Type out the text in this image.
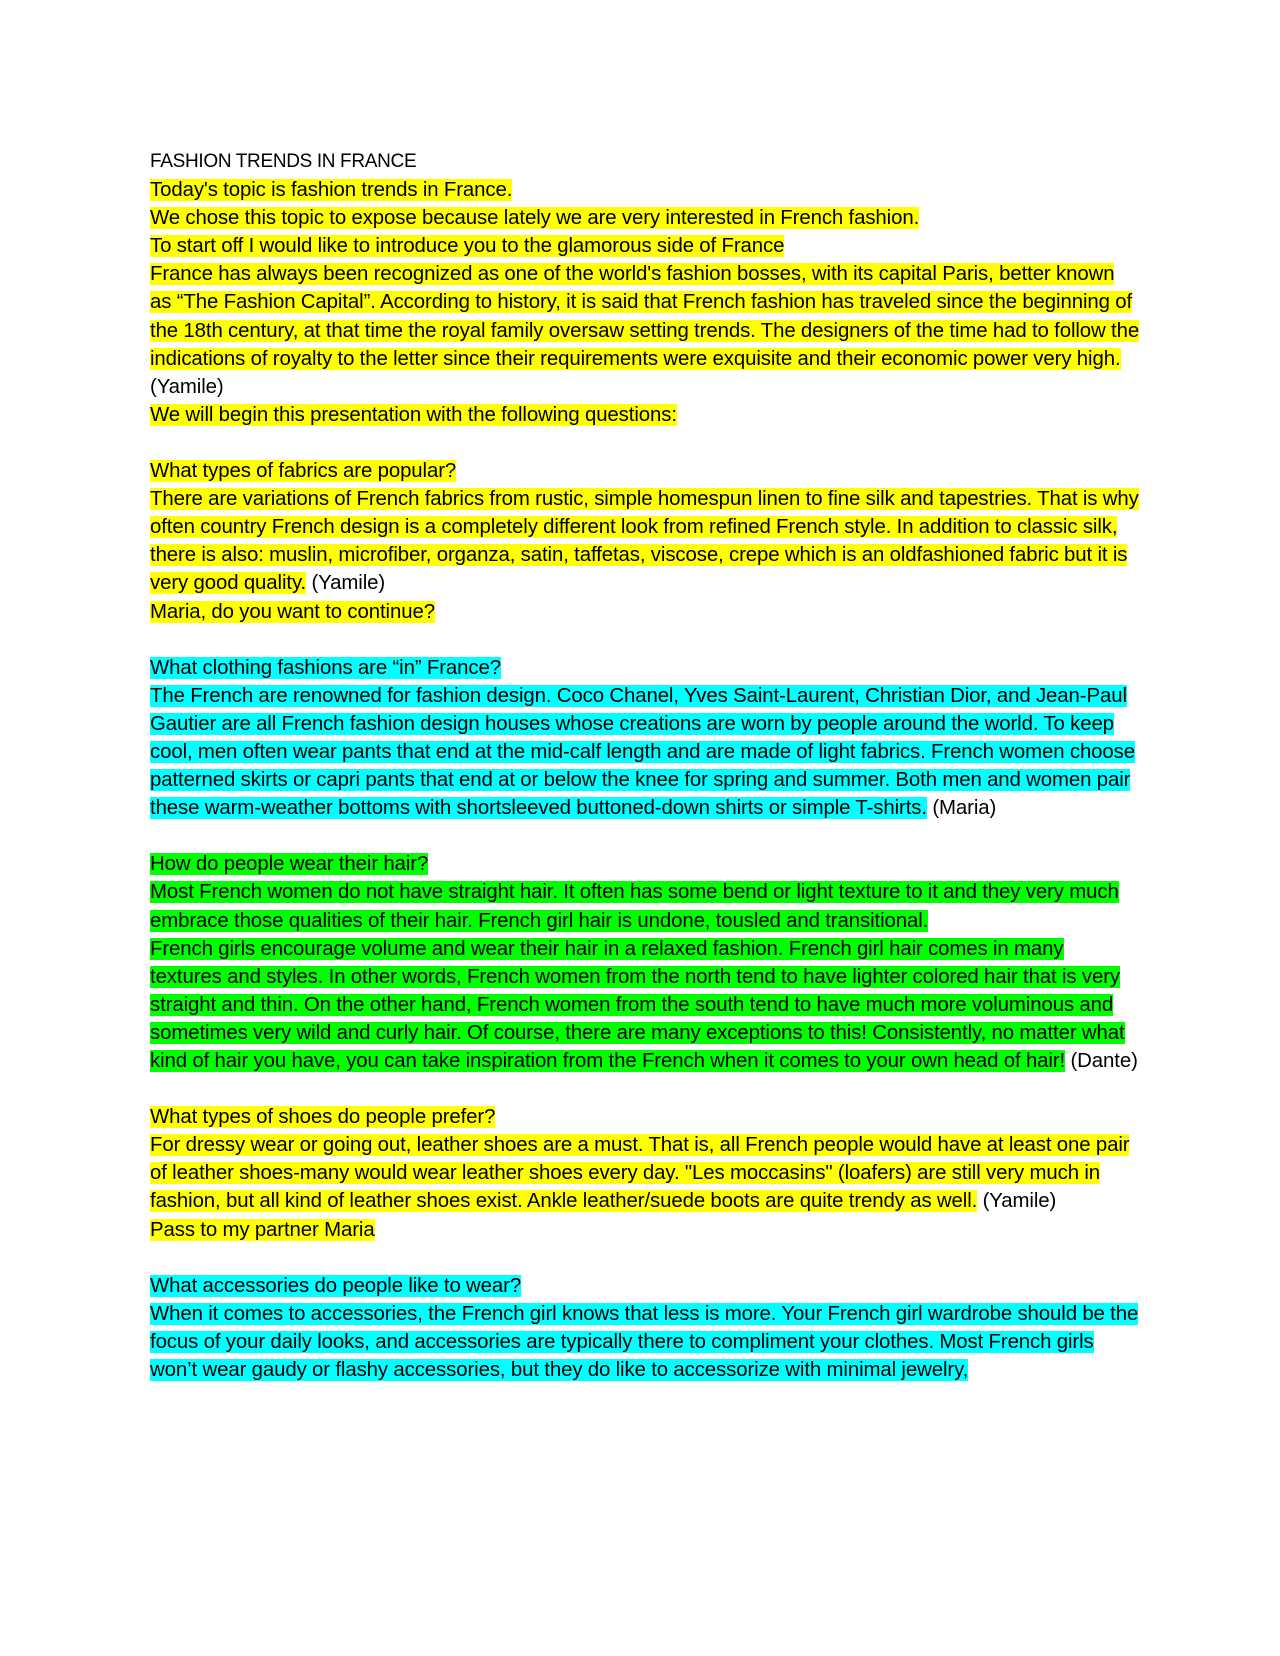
FASHION TRENDS IN FRANCE

Today's topic is fashion trends in France.

We chose this topic to expose because lately we are very interested in French fashion.

To start off I would like to introduce you to the glamorous side of France

France has always been recognized as one of the world's fashion bosses, with its capital Paris, better known as “The Fashion Capital”. According to history, it is said that French fashion has traveled since the beginning of the 18th century, at that time the royal family oversaw setting trends. The designers of the time had to follow the indications of royalty to the letter since their requirements were exquisite and their economic power very high. (Yamile)

We will begin this presentation with the following questions:

What types of fabrics are popular?

There are variations of French fabrics from rustic, simple homespun linen to fine silk and tapestries. That is why often country French design is a completely different look from refined French style. In addition to classic silk, there is also: muslin, microfiber, organza, satin, taffetas, viscose, crepe which is an oldfashioned fabric but it is very good quality. (Yamile)

Maria, do you want to continue?

What clothing fashions are “in” France?

The French are renowned for fashion design. Coco Chanel, Yves Saint-Laurent, Christian Dior, and Jean-Paul Gautier are all French fashion design houses whose creations are worn by people around the world. To keep cool, men often wear pants that end at the mid-calf length and are made of light fabrics. French women choose patterned skirts or capri pants that end at or below the knee for spring and summer. Both men and women pair these warm-weather bottoms with shortsleeved buttoned-down shirts or simple T-shirts. (Maria)

How do people wear their hair?

Most French women do not have straight hair. It often has some bend or light texture to it and they very much embrace those qualities of their hair. French girl hair is undone, tousled and transitional.

French girls encourage volume and wear their hair in a relaxed fashion. French girl hair comes in many textures and styles. In other words, French women from the north tend to have lighter colored hair that is very straight and thin. On the other hand, French women from the south tend to have much more voluminous and sometimes very wild and curly hair. Of course, there are many exceptions to this! Consistently, no matter what kind of hair you have, you can take inspiration from the French when it comes to your own head of hair! (Dante)

What types of shoes do people prefer?

For dressy wear or going out, leather shoes are a must. That is, all French people would have at least one pair of leather shoes-many would wear leather shoes every day. "Les moccasins" (loafers) are still very much in fashion, but all kind of leather shoes exist. Ankle leather/suede boots are quite trendy as well. (Yamile)

Pass to my partner Maria

What accessories do people like to wear?

When it comes to accessories, the French girl knows that less is more. Your French girl wardrobe should be the focus of your daily looks, and accessories are typically there to compliment your clothes. Most French girls won’t wear gaudy or flashy accessories, but they do like to accessorize with minimal jewelry,
